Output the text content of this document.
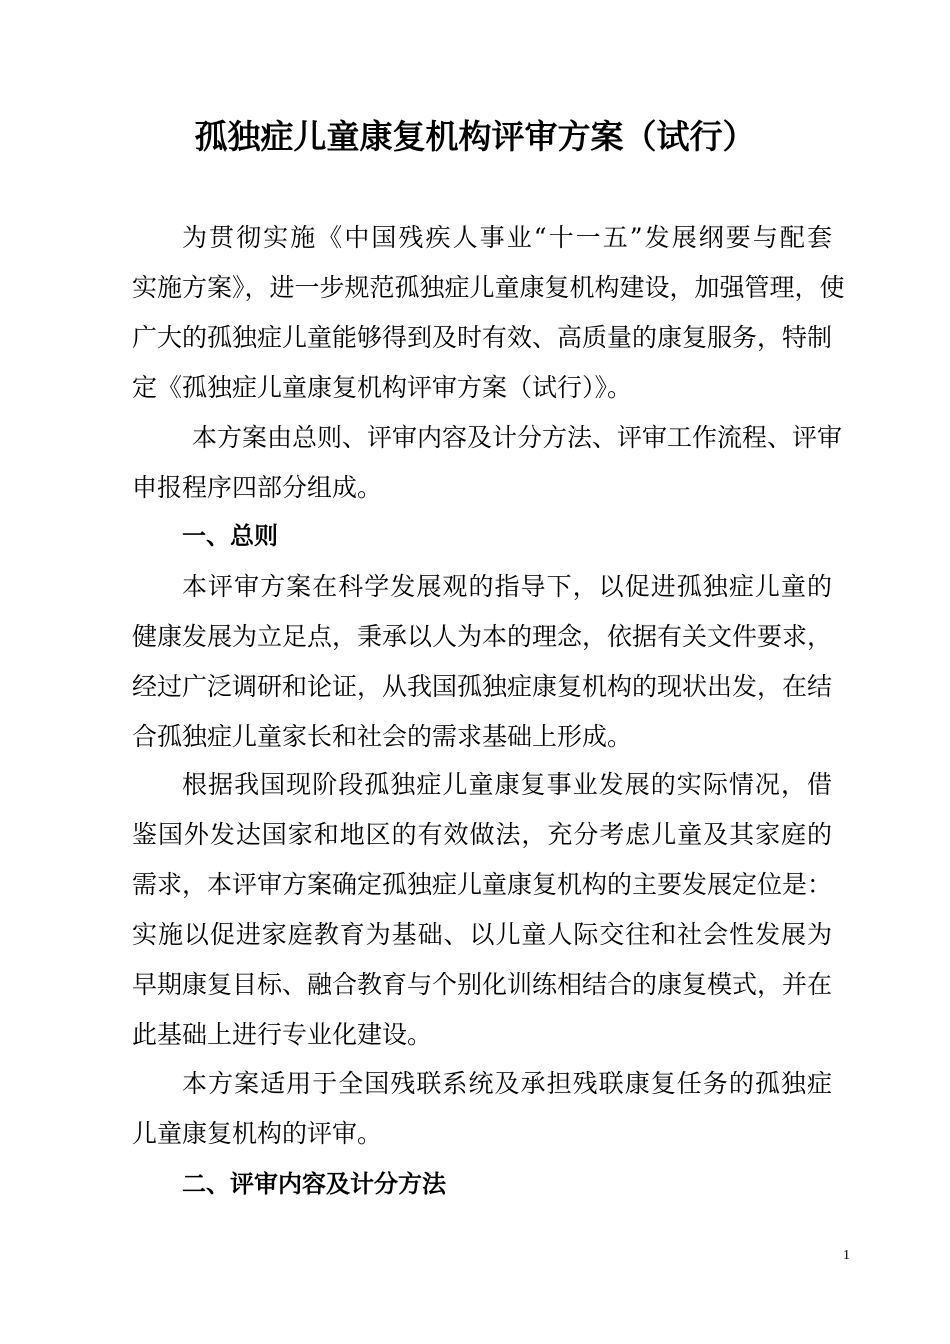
孤独症儿童康复机构评审方案（试行）
为贯彻实施《中国残疾人事业“十一五”发展纲要与配套
实施方案》，进一步规范孤独症儿童康复机构建设，加强管理，使
广大的孤独症儿童能够得到及时有效、高质量的康复服务，特制
定《孤独症儿童康复机构评审方案（试行）》。
本方案由总则、评审内容及计分方法、评审工作流程、评审
申报程序四部分组成。
一、总则
本评审方案在科学发展观的指导下，以促进孤独症儿童的
健康发展为立足点，秉承以人为本的理念，依据有关文件要求，
经过广泛调研和论证，从我国孤独症康复机构的现状出发，在结
合孤独症儿童家长和社会的需求基础上形成。
根据我国现阶段孤独症儿童康复事业发展的实际情况，借
鉴国外发达国家和地区的有效做法，充分考虑儿童及其家庭的
需求，本评审方案确定孤独症儿童康复机构的主要发展定位是：
实施以促进家庭教育为基础、以儿童人际交往和社会性发展为
早期康复目标、融合教育与个别化训练相结合的康复模式，并在
此基础上进行专业化建设。
本方案适用于全国残联系统及承担残联康复任务的孤独症
儿童康复机构的评审。
二、评审内容及计分方法
1
